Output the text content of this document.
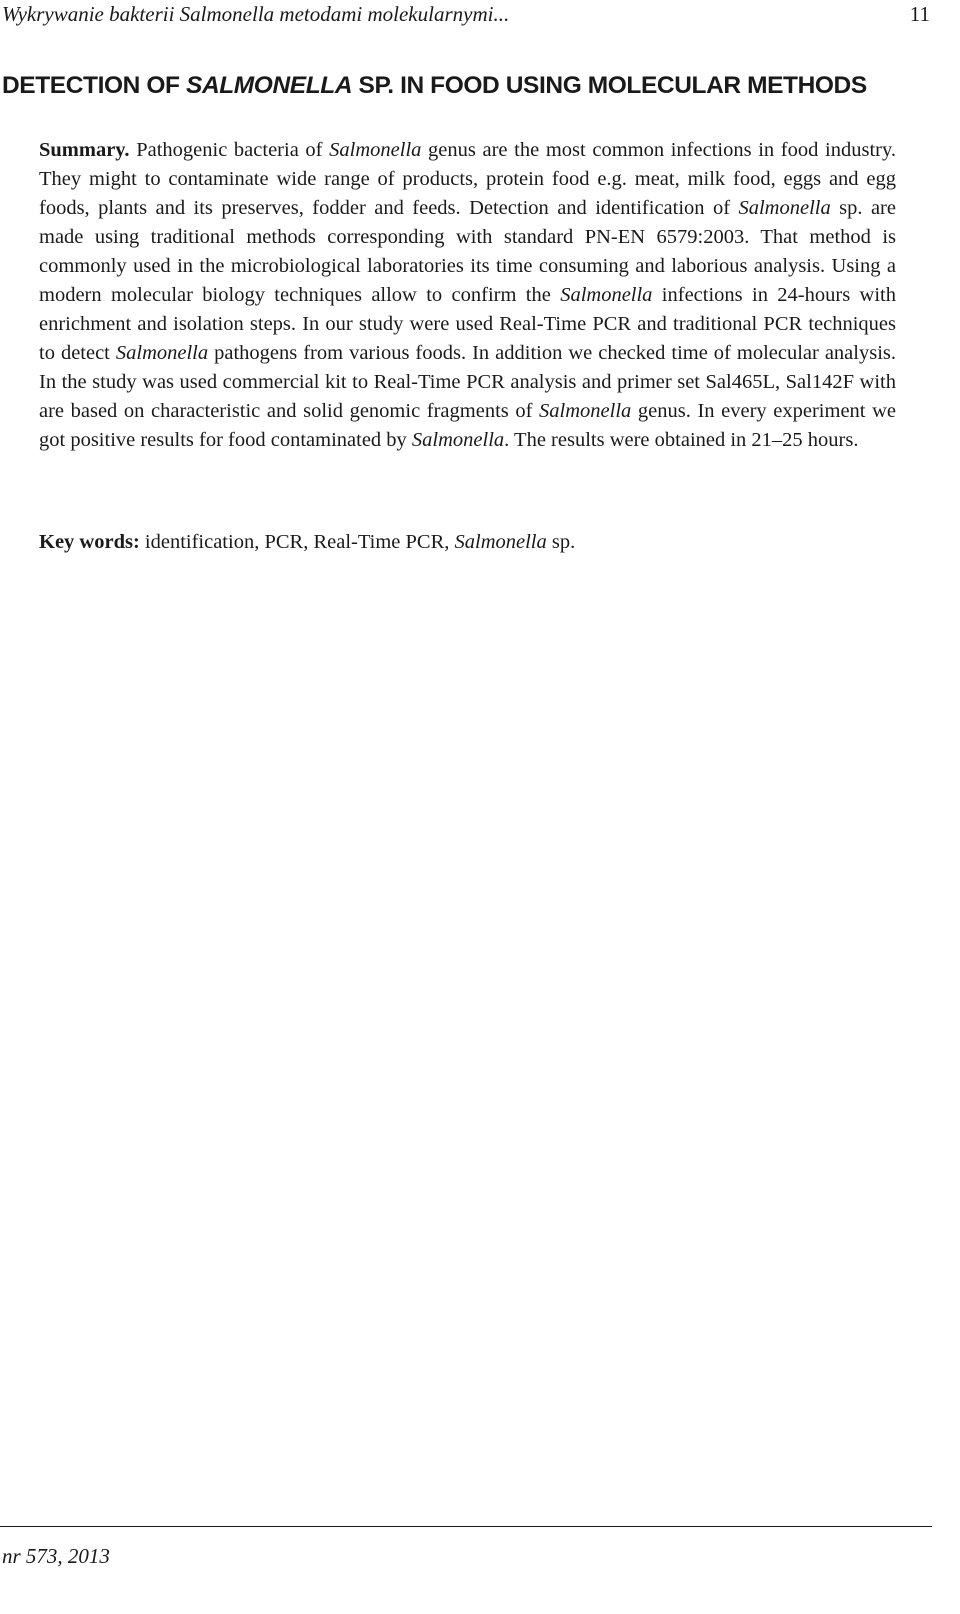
Wykrywanie bakterii Salmonella metodami molekularnymi...	11
DETECTION OF SALMONELLA SP. IN FOOD USING MOLECULAR METHODS

Summary. Pathogenic bacteria of Salmonella genus are the most common infections in food industry. They might to contaminate wide range of products, protein food e.g. meat, milk food, eggs and egg foods, plants and its preserves, fodder and feeds. Detection and identification of Salmonella sp. are made using traditional methods corresponding with standard PN-EN 6579:2003. That method is commonly used in the microbiological laboratories its time consuming and laborious analysis. Using a modern molecular biology techniques allow to confirm the Salmonella infections in 24-hours with enrichment and isolation steps. In our study were used Real-Time PCR and traditional PCR techniques to detect Salmonella pathogens from various foods. In addition we checked time of molecular analysis. In the study was used commercial kit to Real-Time PCR analysis and primer set Sal465L, Sal142F with are based on characteristic and solid genomic fragments of Salmonella genus. In every experiment we got positive results for food contaminated by Salmonella. The results were obtained in 21–25 hours.

Key words: identification, PCR, Real-Time PCR, Salmonella sp.

nr 573, 2013
